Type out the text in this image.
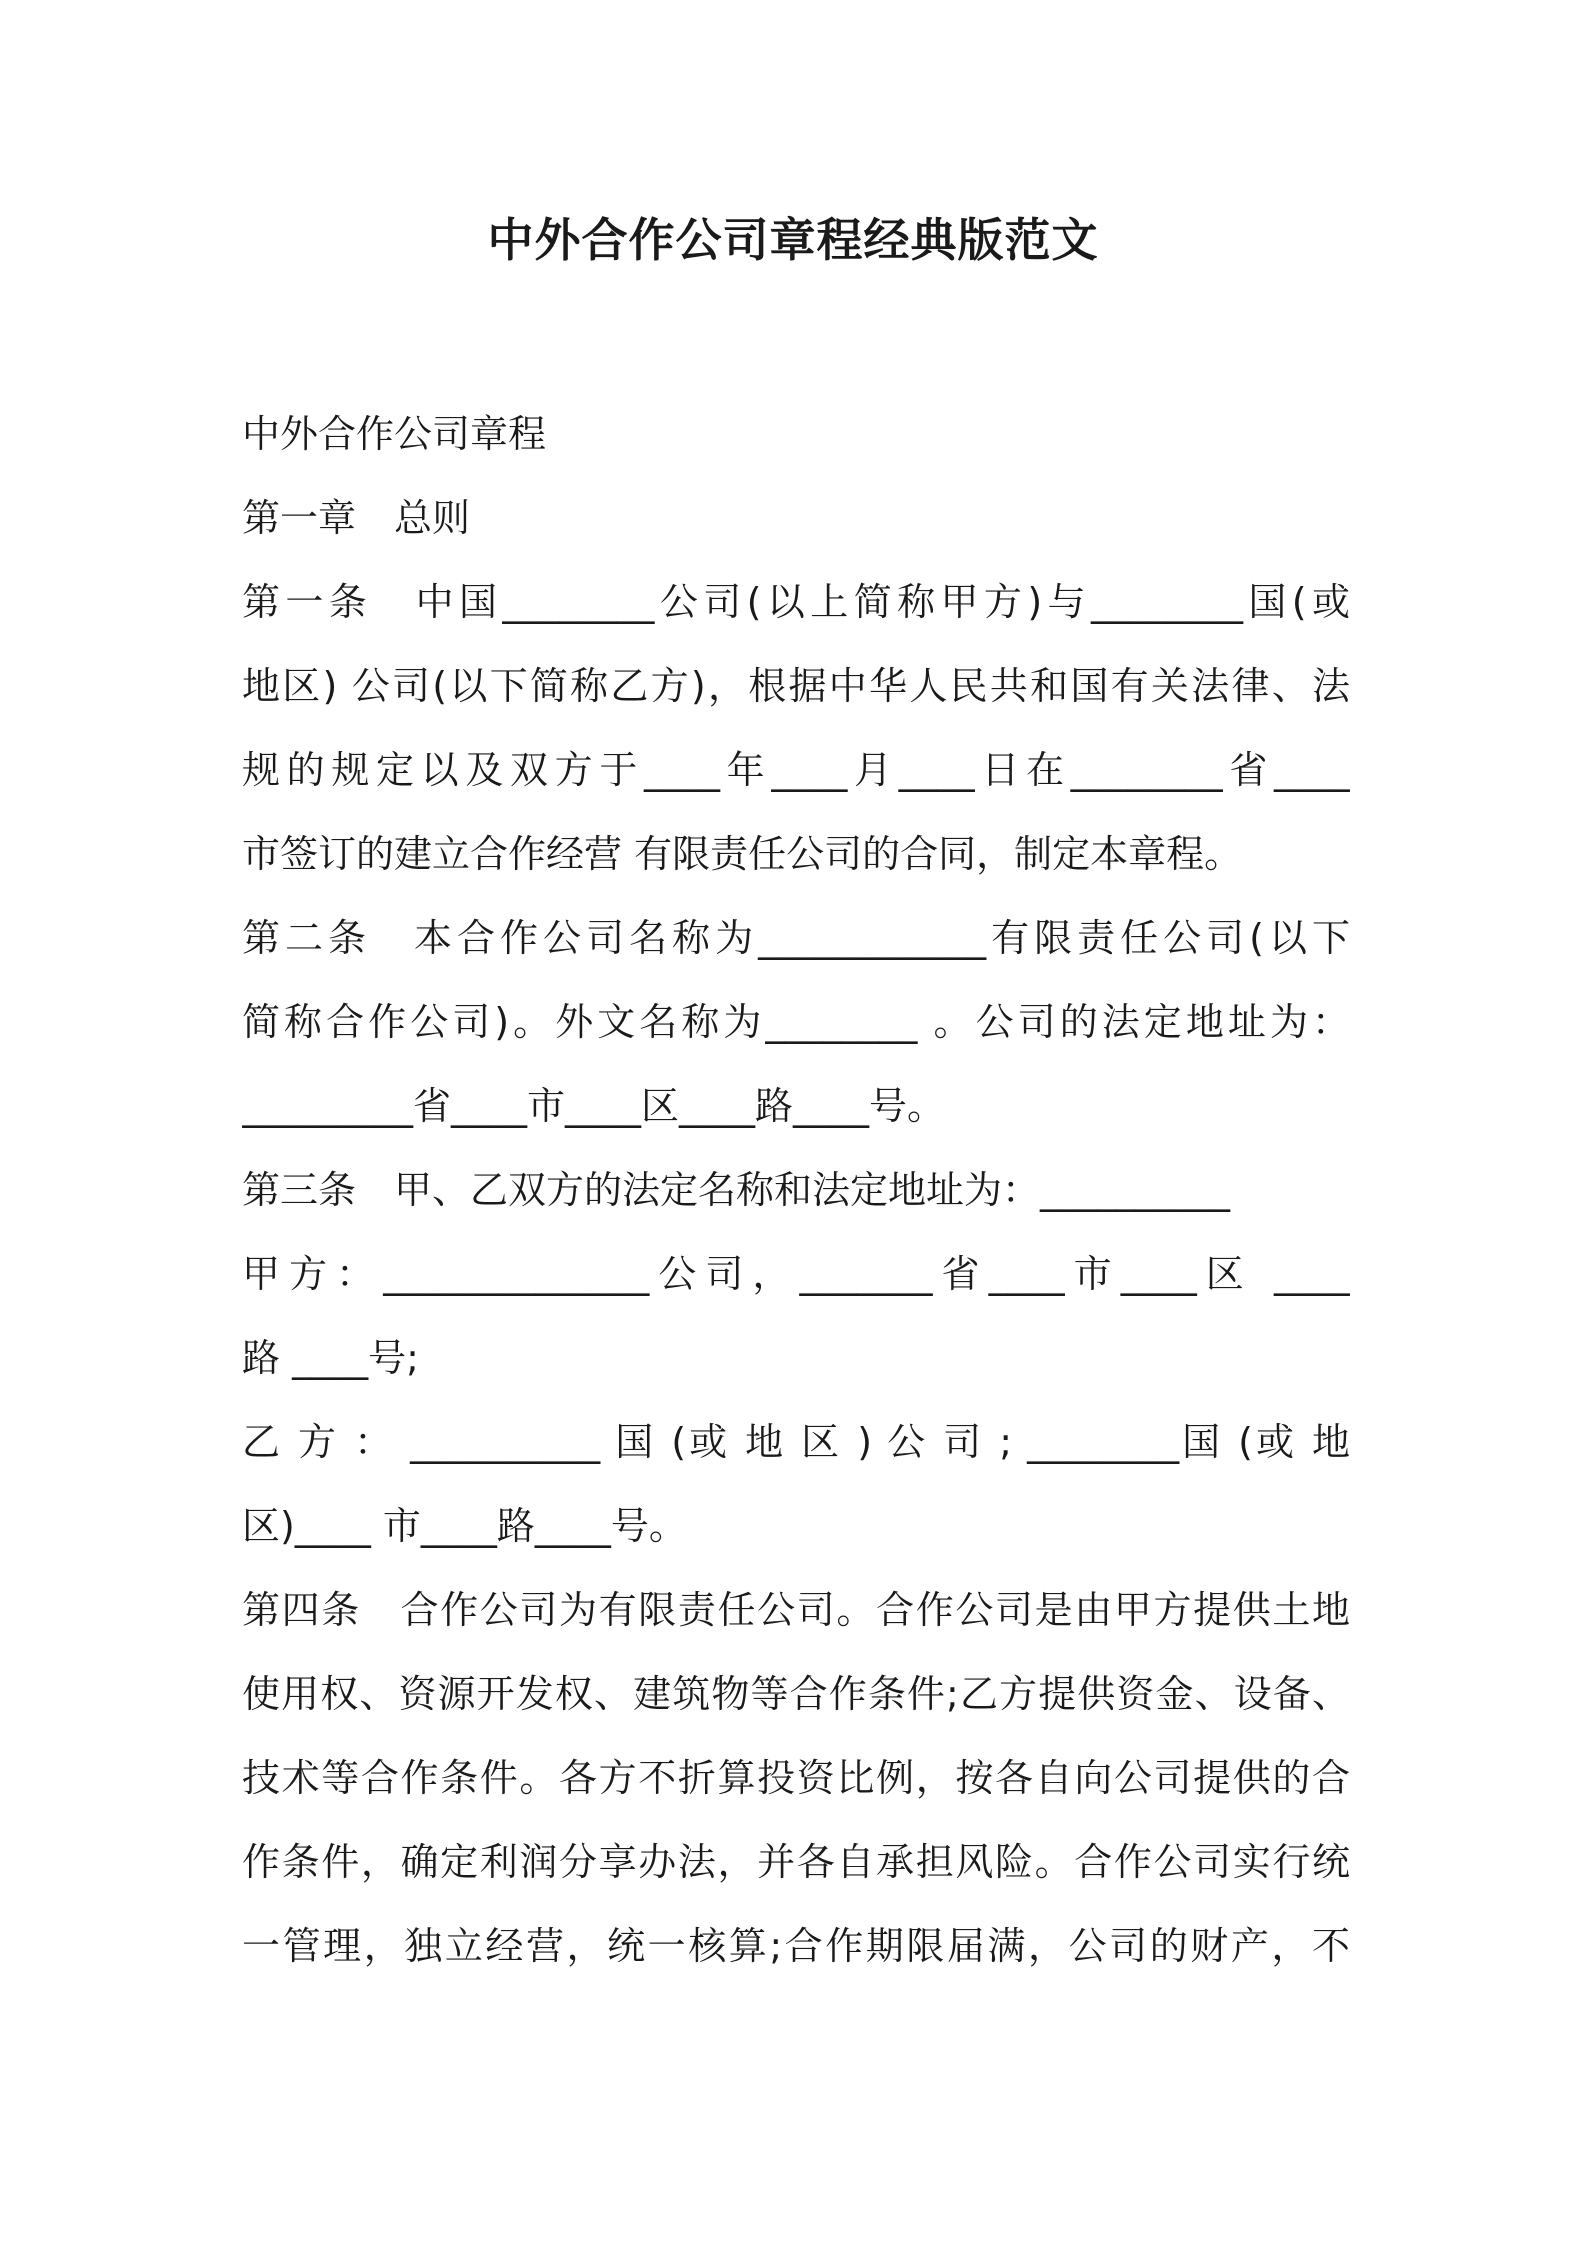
中外合作公司章程经典版范文
中外合作公司章程
第一章　总则
第一条　中国________公司(以上简称甲方)与________国(或
地区) 公司(以下简称乙方)，根据中华人民共和国有关法律、法
规的规定以及双方于____年____月____日在________省____
市签订的建立合作经营 有限责任公司的合同，制定本章程。
第二条　本合作公司名称为____________有限责任公司(以下
简称合作公司)。外文名称为________ 。公司的法定地址为：
_________省____市____区____路____号。
第三条　甲、乙双方的法定名称和法定地址为：__________
甲方：______________公司，_______省____市____区 ____
路 ____号;
乙 方 ： __________ 国 (或 地 区 ) 公 司 ; ________国 (或 地
区)____ 市____路____号。
第四条　合作公司为有限责任公司。合作公司是由甲方提供土地
使用权、资源开发权、建筑物等合作条件;乙方提供资金、设备、
技术等合作条件。各方不折算投资比例，按各自向公司提供的合
作条件，确定利润分享办法，并各自承担风险。合作公司实行统
一管理，独立经营，统一核算;合作期限届满，公司的财产，不
